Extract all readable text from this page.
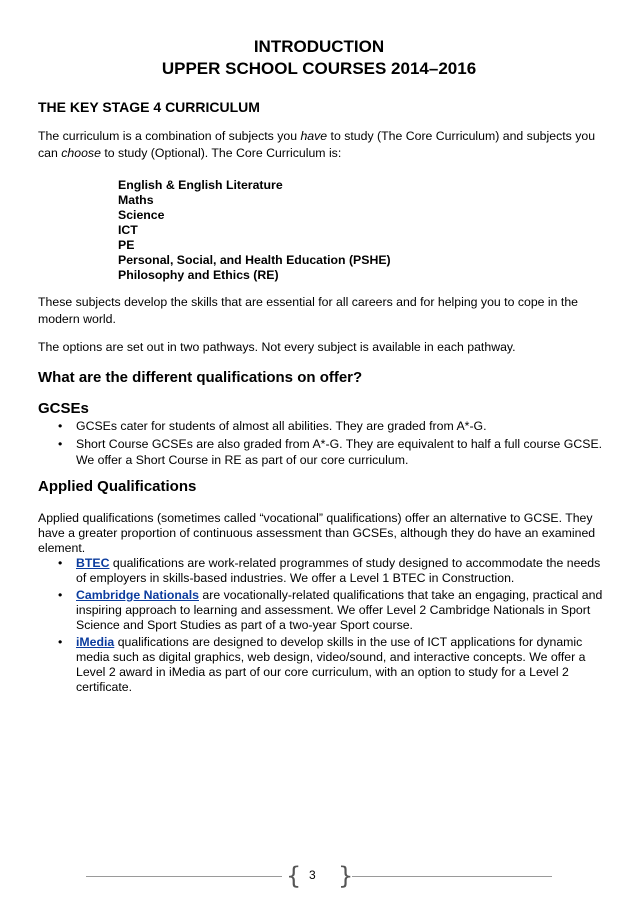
INTRODUCTION
UPPER SCHOOL COURSES 2014–2016
THE KEY STAGE 4 CURRICULUM
The curriculum is a combination of subjects you have to study (The Core Curriculum) and subjects you can choose to study (Optional). The Core Curriculum is:
English & English Literature
Maths
Science
ICT
PE
Personal, Social, and Health Education (PSHE)
Philosophy and Ethics (RE)
These subjects develop the skills that are essential for all careers and for helping you to cope in the modern world.
The options are set out in two pathways. Not every subject is available in each pathway.
What are the different qualifications on offer?
GCSEs
• GCSEs cater for students of almost all abilities. They are graded from A*-G.
• Short Course GCSEs are also graded from A*-G. They are equivalent to half a full course GCSE. We offer a Short Course in RE as part of our core curriculum.
Applied Qualifications
Applied qualifications (sometimes called “vocational” qualifications) offer an alternative to GCSE. They have a greater proportion of continuous assessment than GCSEs, although they do have an examined element.
• BTEC qualifications are work-related programmes of study designed to accommodate the needs of employers in skills-based industries. We offer a Level 1 BTEC in Construction.
• Cambridge Nationals are vocationally-related qualifications that take an engaging, practical and inspiring approach to learning and assessment. We offer Level 2 Cambridge Nationals in Sport Science and Sport Studies as part of a two-year Sport course.
• iMedia qualifications are designed to develop skills in the use of ICT applications for dynamic media such as digital graphics, web design, video/sound, and interactive concepts. We offer a Level 2 award in iMedia as part of our core curriculum, with an option to study for a Level 2 certificate.
{ }
3
